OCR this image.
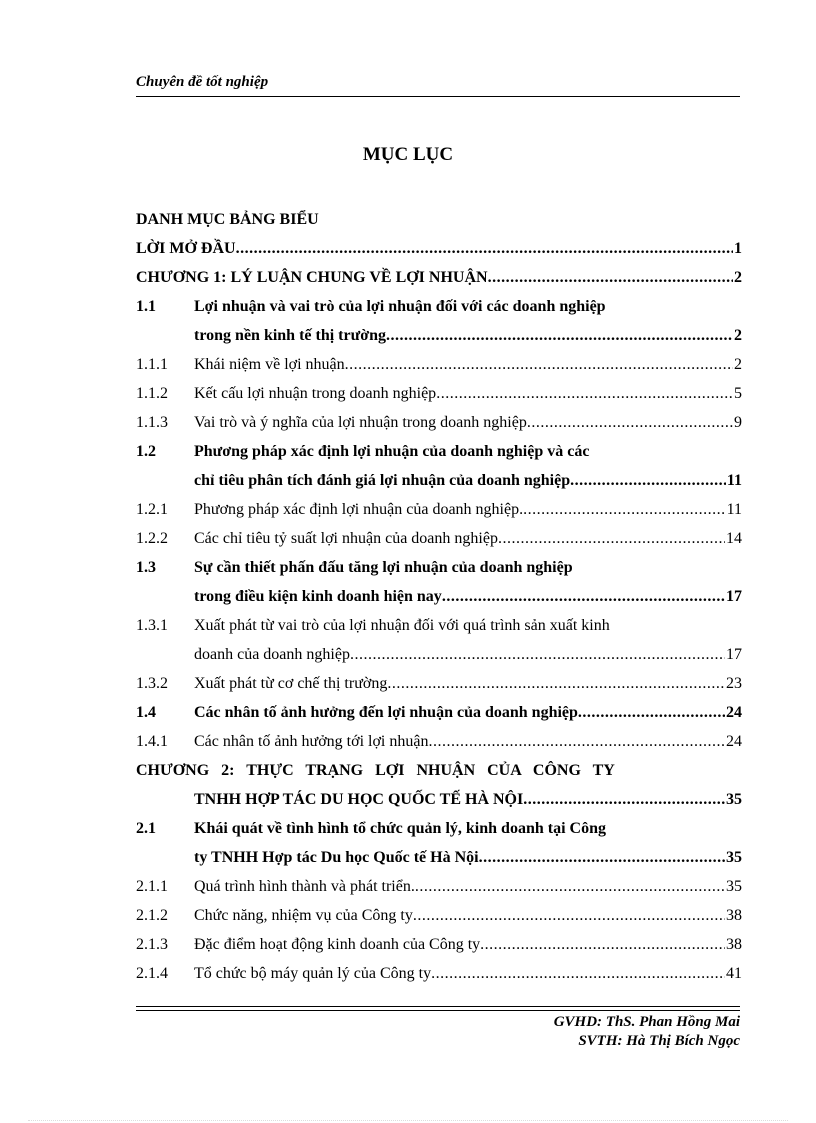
Chuyên đề tốt nghiệp
MỤC LỤC
DANH MỤC BẢNG BIỂU
LỜI MỞ ĐẦU .....	1
CHƯƠNG 1: LÝ LUẬN CHUNG VỀ LỢI NHUẬN .....	2
1.1 Lợi nhuận và vai trò của lợi nhuận đối với các doanh nghiệp
trong nền kinh tế thị trường .....	2
1.1.1 Khái niệm về lợi nhuận .....	2
1.1.2 Kết cấu lợi nhuận trong doanh nghiệp .....	5
1.1.3 Vai trò và ý nghĩa của lợi nhuận trong doanh nghiệp .....	9
1.2 Phương pháp xác định lợi nhuận của doanh nghiệp và các
chỉ tiêu phân tích đánh giá lợi nhuận của doanh nghiệp .....	11
1.2.1 Phương pháp xác định lợi nhuận của doanh nghiệp. .....	11
1.2.2 Các chỉ tiêu tỷ suất lợi nhuận của doanh nghiệp .....	14
1.3 Sự cần thiết phấn đấu tăng lợi nhuận của doanh nghiệp
trong điều kiện kinh doanh hiện nay .....	17
1.3.1 Xuất phát từ vai trò của lợi nhuận đối với quá trình sản xuất kinh
doanh của doanh nghiệp .....	17
1.3.2 Xuất phát từ cơ chế thị trường .....	23
1.4 Các nhân tố ảnh hưởng đến lợi nhuận của doanh nghiệp .....	24
1.4.1 Các nhân tố ảnh hưởng tới lợi nhuận .....	24
CHƯƠNG 2: THỰC TRẠNG LỢI NHUẬN CỦA CÔNG TY
TNHH HỢP TÁC DU HỌC QUỐC TẾ HÀ NỘI .....	35
2.1 Khái quát về tình hình tổ chức quản lý, kinh doanh tại Công
ty TNHH Hợp tác Du học Quốc tế Hà Nội .....	35
2.1.1 Quá trình hình thành và phát triển. .....	35
2.1.2 Chức năng, nhiệm vụ của Công ty .....	38
2.1.3 Đặc điểm hoạt động kinh doanh của Công ty .....	38
2.1.4 Tổ chức bộ máy quản lý của Công ty .....	41
GVHD: ThS. Phan Hồng Mai
SVTH: Hà Thị Bích Ngọc
